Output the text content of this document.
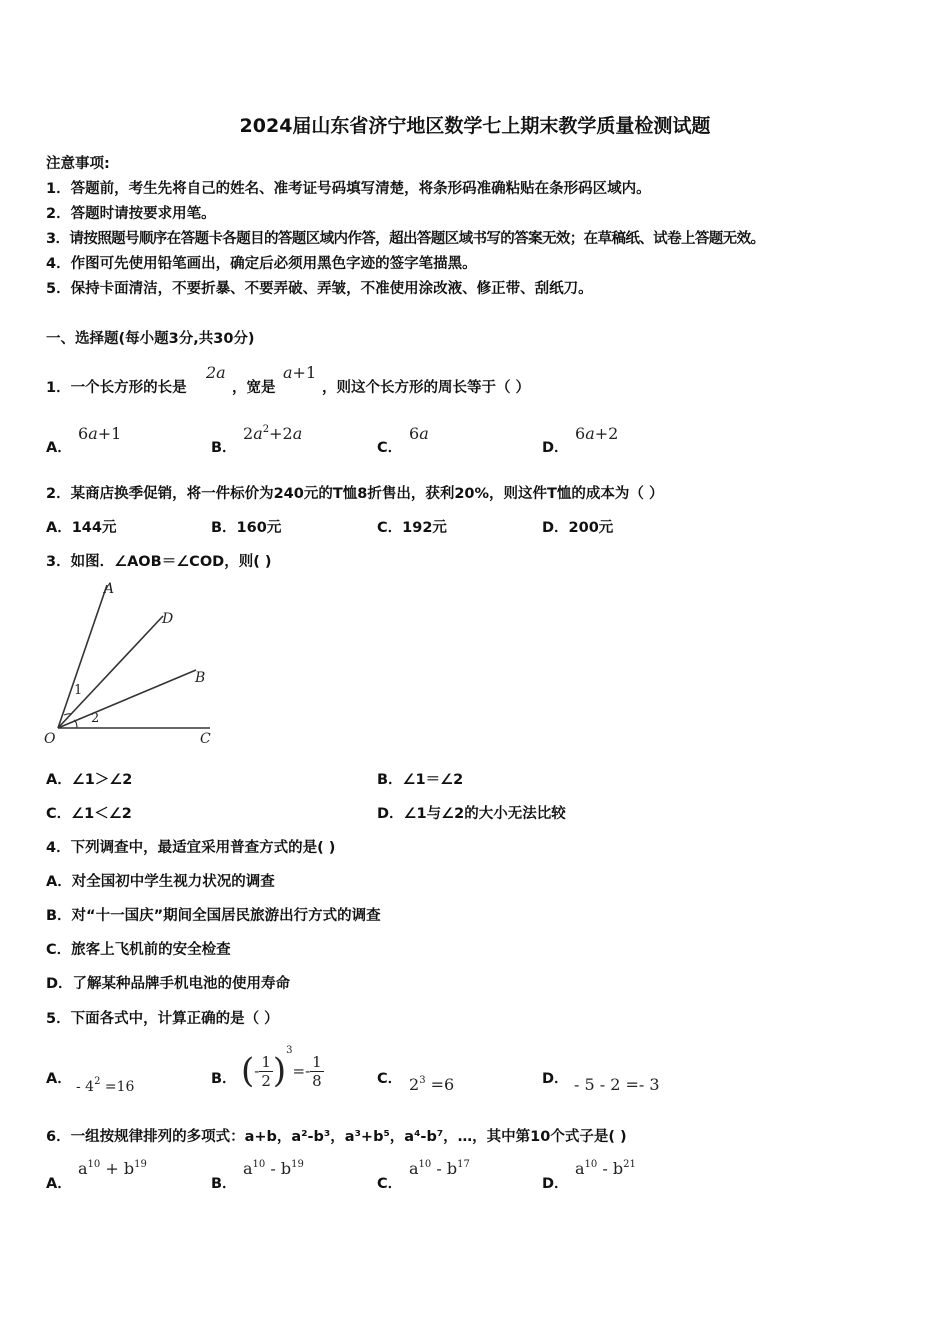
2024届山东省济宁地区数学七上期末教学质量检测试题
注意事项:
1．答题前，考生先将自己的姓名、准考证号码填写清楚，将条形码准确粘贴在条形码区域内。
2．答题时请按要求用笔。
3．请按照题号顺序在答题卡各题目的答题区域内作答，超出答题区域书写的答案无效；在草稿纸、试卷上答题无效。
4．作图可先使用铅笔画出，确定后必须用黑色字迹的签字笔描黑。
5．保持卡面清洁，不要折暴、不要弄破、弄皱，不准使用涂改液、修正带、刮纸刀。
一、选择题(每小题3分,共30分)
1．一个长方形的长是
2a
，宽是
a+1
，则这个长方形的周长等于（ ）
A．
6a+1
B．
$2a^2+2a$
C．
6a
D．
6a+2
2．某商店换季促销，将一件标价为240元的T恤8折售出，获利20%，则这件T恤的成本为（ ）
A．144元	B．160元	C．192元	D．200元
3．如图．∠AOB＝∠COD，则( )
A
D
B
O	C
1
2
A．∠1＞∠2	B．∠1＝∠2
C．∠1＜∠2	D．∠1与∠2的大小无法比较
4．下列调查中，最适宜采用普查方式的是( )
A．对全国初中学生视力状况的调查
B．对“十一国庆”期间全国居民旅游出行方式的调查
C．旅客上飞机前的安全检查
D．了解某种品牌手机电池的使用寿命
5．下面各式中，计算正确的是（ ）
A． - $4^2 =16$	B． (- $\frac{1}{2} )^3=- \frac{1}{8}$	C． $2^3 =6$	D． - 5 - 2 =- 3
6．一组按规律排列的多项式：a+b，a²-b³，a³+b⁵，a⁴-b⁷，…，其中第10个式子是( )
A．
$a^{10} + b^{19}$
B．
$a^{10} - b^{19}$
C．
$a^{10} - b^{17}$
D．
$a^{10} - b^{21}$
